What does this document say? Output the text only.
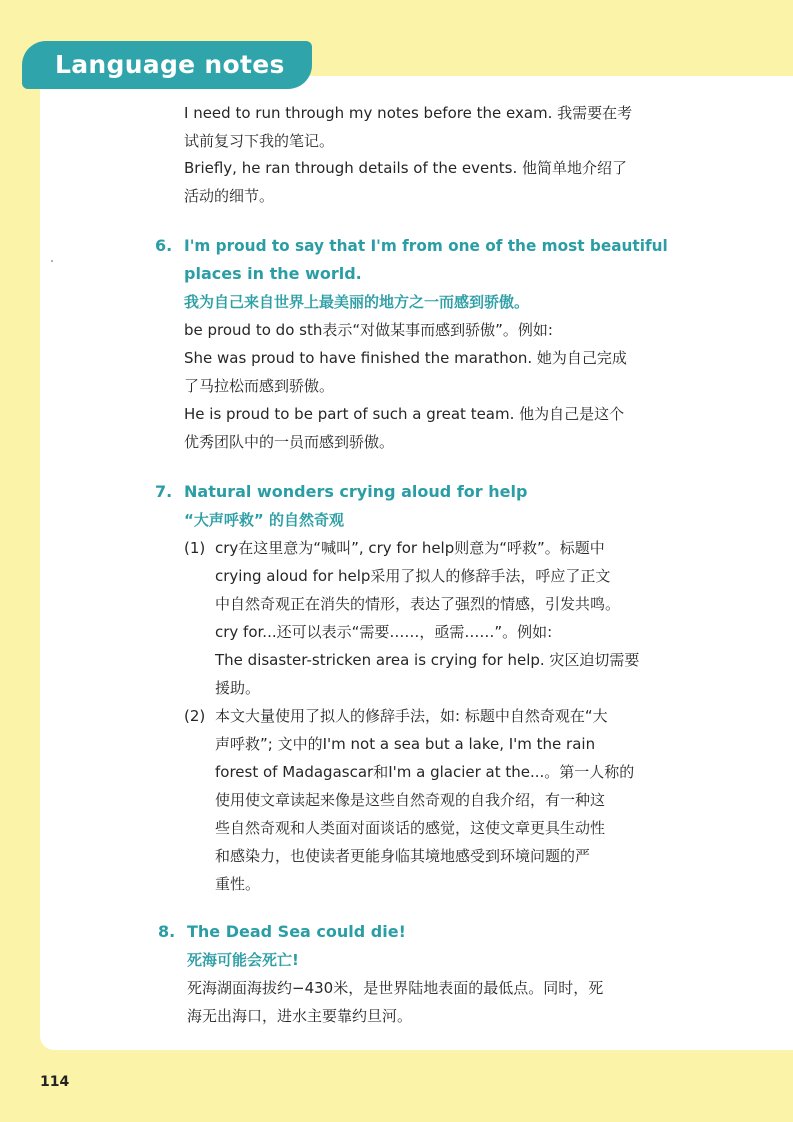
Language notes
I need to run through my notes before the exam. 我需要在考
试前复习下我的笔记。
Briefly, he ran through details of the events. 他简单地介绍了
活动的细节。
6. I'm proud to say that I'm from one of the most beautiful
places in the world.
我为自己来自世界上最美丽的地方之一而感到骄傲。
be proud to do sth表示“对做某事而感到骄傲”。例如:
She was proud to have finished the marathon. 她为自己完成
了马拉松而感到骄傲。
He is proud to be part of such a great team. 他为自己是这个
优秀团队中的一员而感到骄傲。
7. Natural wonders crying aloud for help
“大声呼救” 的自然奇观
(1) cry在这里意为“喊叫”, cry for help则意为“呼救”。标题中
crying aloud for help采用了拟人的修辞手法，呼应了正文
中自然奇观正在消失的情形，表达了强烈的情感，引发共鸣。
cry for...还可以表示“需要……，亟需……”。例如:
The disaster-stricken area is crying for help. 灾区迫切需要
援助。
(2) 本文大量使用了拟人的修辞手法，如: 标题中自然奇观在“大
声呼救”; 文中的I'm not a sea but a lake, I'm the rain
forest of Madagascar和I'm a glacier at the...。第一人称的
使用使文章读起来像是这些自然奇观的自我介绍，有一种这
些自然奇观和人类面对面谈话的感觉，这使文章更具生动性
和感染力，也使读者更能身临其境地感受到环境问题的严
重性。
8. The Dead Sea could die!
死海可能会死亡!
死海湖面海拔约−430米，是世界陆地表面的最低点。同时，死
海无出海口，进水主要靠约旦河。
114
